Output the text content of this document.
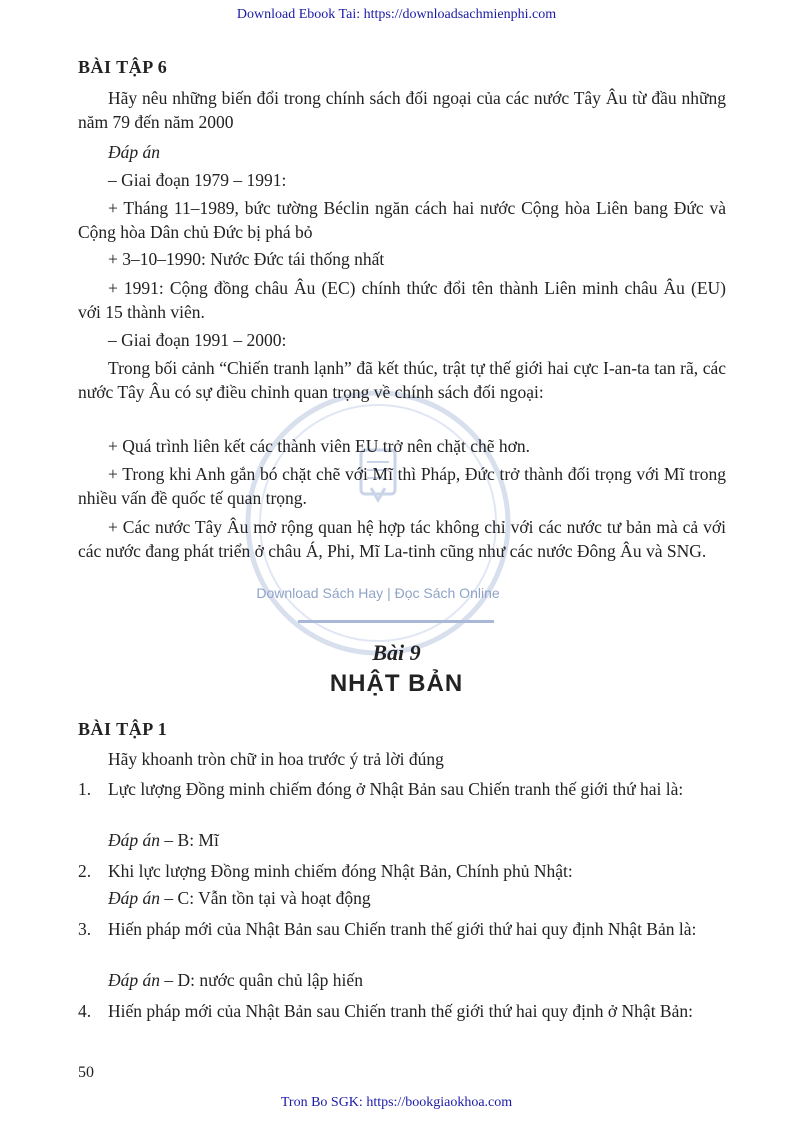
Download Ebook Tai: https://downloadsachmienphi.com
Download Sách Hay | Đọc Sách Online
BÀI TẬP 6
Hãy nêu những biến đổi trong chính sách đối ngoại của các nước Tây Âu từ đầu những năm 79 đến năm 2000
Đáp án
– Giai đoạn 1979 – 1991:
+ Tháng 11–1989, bức tường Béclin ngăn cách hai nước Cộng hòa Liên bang Đức và Cộng hòa Dân chủ Đức bị phá bỏ
+ 3–10–1990: Nước Đức tái thống nhất
+ 1991: Cộng đồng châu Âu (EC) chính thức đổi tên thành Liên minh châu Âu (EU) với 15 thành viên.
– Giai đoạn 1991 – 2000:
Trong bối cảnh “Chiến tranh lạnh” đã kết thúc, trật tự thế giới hai cực I-an-ta tan rã, các nước Tây Âu có sự điều chỉnh quan trọng về chính sách đối ngoại:
+ Quá trình liên kết các thành viên EU trở nên chặt chẽ hơn.
+ Trong khi Anh gắn bó chặt chẽ với Mĩ thì Pháp, Đức trở thành đối trọng với Mĩ trong nhiều vấn đề quốc tế quan trọng.
+ Các nước Tây Âu mở rộng quan hệ hợp tác không chỉ với các nước tư bản mà cả với các nước đang phát triển ở châu Á, Phi, Mĩ La-tinh cũng như các nước Đông Âu và SNG.
Bài 9
NHẬT BẢN
BÀI TẬP 1
Hãy khoanh tròn chữ in hoa trước ý trả lời đúng
1. Lực lượng Đồng minh chiếm đóng ở Nhật Bản sau Chiến tranh thế giới thứ hai là:
Đáp án – B: Mĩ
2. Khi lực lượng Đồng minh chiếm đóng Nhật Bản, Chính phủ Nhật:
Đáp án – C: Vẫn tồn tại và hoạt động
3. Hiến pháp mới của Nhật Bản sau Chiến tranh thế giới thứ hai quy định Nhật Bản là:
Đáp án – D: nước quân chủ lập hiến
4. Hiến pháp mới của Nhật Bản sau Chiến tranh thế giới thứ hai quy định ở Nhật Bản:
50
Tron Bo SGK: https://bookgiaokhoa.com
